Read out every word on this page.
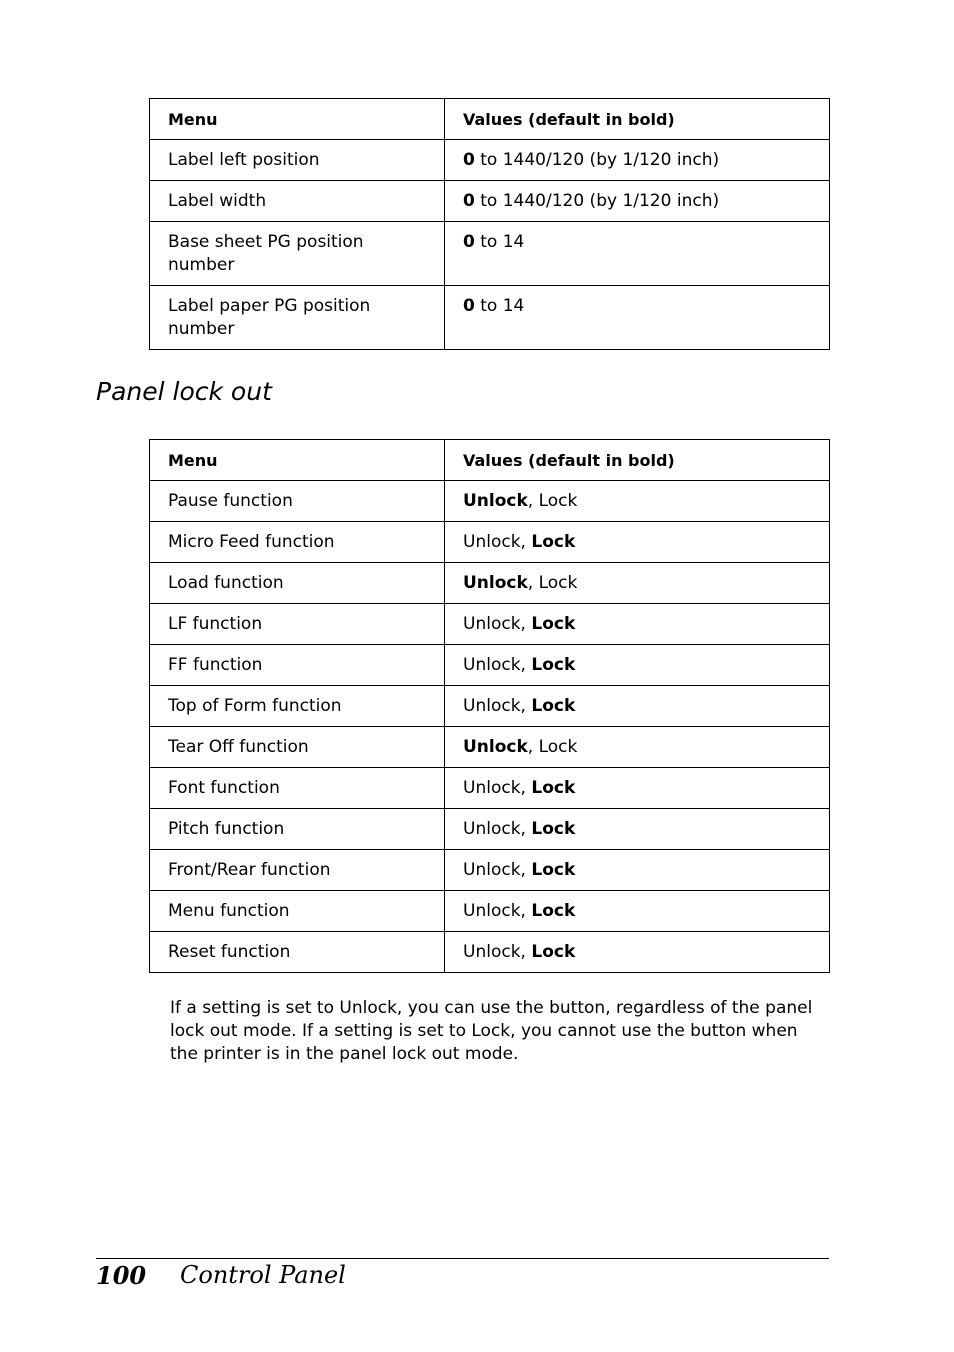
Menu	Values (default in bold)
Label left position	0 to 1440/120 (by 1/120 inch)
Label width	0 to 1440/120 (by 1/120 inch)
Base sheet PG position number	0 to 14
Label paper PG position number	0 to 14
Panel lock out
Menu	Values (default in bold)
Pause function	Unlock, Lock
Micro Feed function	Unlock, Lock
Load function	Unlock, Lock
LF function	Unlock, Lock
FF function	Unlock, Lock
Top of Form function	Unlock, Lock
Tear Off function	Unlock, Lock
Font function	Unlock, Lock
Pitch function	Unlock, Lock
Front/Rear function	Unlock, Lock
Menu function	Unlock, Lock
Reset function	Unlock, Lock

If a setting is set to Unlock, you can use the button, regardless of the panel lock out mode. If a setting is set to Lock, you cannot use the button when the printer is in the panel lock out mode.

100 Control Panel
